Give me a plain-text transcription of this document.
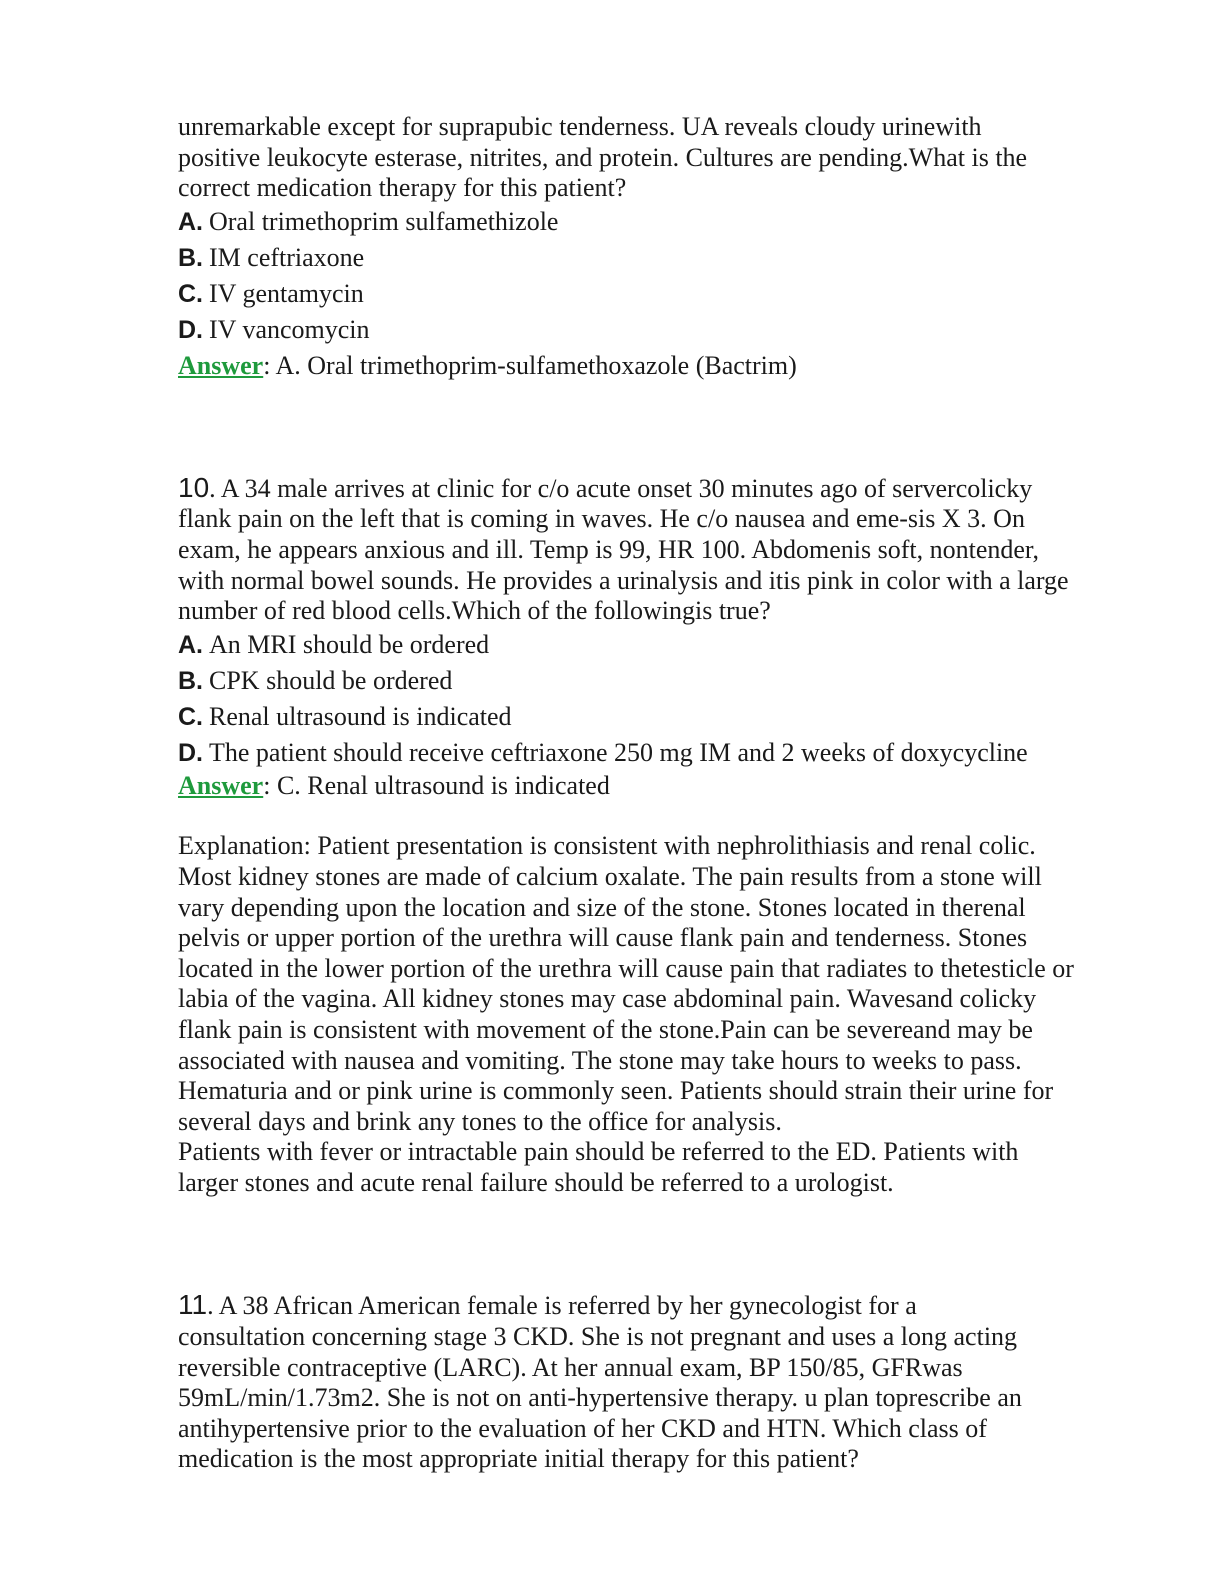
unremarkable except for suprapubic tenderness. UA reveals cloudy urinewith
positive leukocyte esterase, nitrites, and protein. Cultures are pending.What is the
correct medication therapy for this patient?
A. Oral trimethoprim sulfamethizole
B. IM ceftriaxone
C. IV gentamycin
D. IV vancomycin
Answer: A. Oral trimethoprim-sulfamethoxazole (Bactrim)
10. A 34 male arrives at clinic for c/o acute onset 30 minutes ago of servercolicky
flank pain on the left that is coming in waves. He c/o nausea and eme-sis X 3. On
exam, he appears anxious and ill. Temp is 99, HR 100. Abdomenis soft, nontender,
with normal bowel sounds. He provides a urinalysis and itis pink in color with a large
number of red blood cells.Which of the followingis true?
A. An MRI should be ordered
B. CPK should be ordered
C. Renal ultrasound is indicated
D. The patient should receive ceftriaxone 250 mg IM and 2 weeks of doxycycline
Answer: C. Renal ultrasound is indicated
Explanation: Patient presentation is consistent with nephrolithiasis and renal colic.
Most kidney stones are made of calcium oxalate. The pain results from a stone will
vary depending upon the location and size of the stone. Stones located in therenal
pelvis or upper portion of the urethra will cause flank pain and tenderness. Stones
located in the lower portion of the urethra will cause pain that radiates to thetesticle or
labia of the vagina. All kidney stones may case abdominal pain. Wavesand colicky
flank pain is consistent with movement of the stone.Pain can be severeand may be
associated with nausea and vomiting. The stone may take hours to weeks to pass.
Hematuria and or pink urine is commonly seen. Patients should strain their urine for
several days and brink any tones to the office for analysis.
Patients with fever or intractable pain should be referred to the ED. Patients with
larger stones and acute renal failure should be referred to a urologist.
11. A 38 African American female is referred by her gynecologist for a
consultation concerning stage 3 CKD. She is not pregnant and uses a long acting
reversible contraceptive (LARC). At her annual exam, BP 150/85, GFRwas
59mL/min/1.73m2. She is not on anti-hypertensive therapy. u plan toprescribe an
antihypertensive prior to the evaluation of her CKD and HTN. Which class of
medication is the most appropriate initial therapy for this patient?
